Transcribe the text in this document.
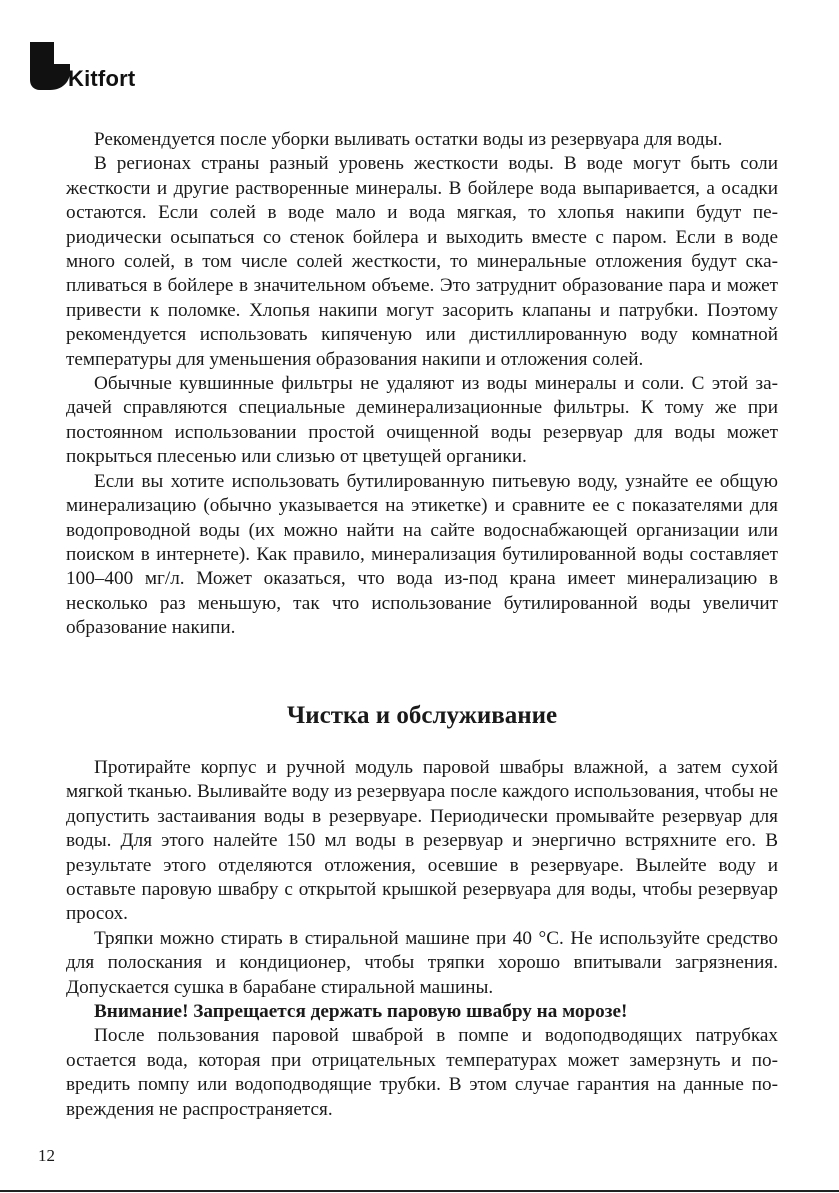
Kitfort

Рекомендуется после уборки выливать остатки воды из резервуара для воды.

В регионах страны разный уровень жесткости воды. В воде могут быть соли жесткости и другие растворенные минералы. В бойлере вода выпаривается, а осадки остаются. Если солей в воде мало и вода мягкая, то хлопья накипи будут периодически осыпаться со стенок бойлера и выходить вместе с паром. Если в воде много солей, в том числе солей жесткости, то минеральные отложения будут скапливаться в бойлере в значительном объеме. Это затруднит образование пара и может привести к поломке. Хлопья накипи могут засорить клапаны и патрубки. Поэтому рекомендуется использовать кипяченую или дистиллированную воду комнатной температуры для уменьшения образования накипи и отложения солей.

Обычные кувшинные фильтры не удаляют из воды минералы и соли. С этой задачей справляются специальные деминерализационные фильтры. К тому же при постоянном использовании простой очищенной воды резервуар для воды может покрыться плесенью или слизью от цветущей органики.

Если вы хотите использовать бутилированную питьевую воду, узнайте ее общую минерализацию (обычно указывается на этикетке) и сравните ее с показателями для водопроводной воды (их можно найти на сайте водоснабжающей организации или поиском в интернете). Как правило, минерализация бутилированной воды составляет 100–400 мг/л. Может оказаться, что вода из-под крана имеет минерализацию в несколько раз меньшую, так что использование бутилированной воды увеличит образование накипи.

Чистка и обслуживание

Протирайте корпус и ручной модуль паровой швабры влажной, а затем сухой мягкой тканью. Выливайте воду из резервуара после каждого использования, чтобы не допустить застаивания воды в резервуаре. Периодически промывайте резервуар для воды. Для этого налейте 150 мл воды в резервуар и энергично встряхните его. В результате этого отделяются отложения, осевшие в резервуаре. Вылейте воду и оставьте паровую швабру с открытой крышкой резервуара для воды, чтобы резервуар просох.

Тряпки можно стирать в стиральной машине при 40 °С. Не используйте средство для полоскания и кондиционер, чтобы тряпки хорошо впитывали загрязнения. Допускается сушка в барабане стиральной машины.

Внимание! Запрещается держать паровую швабру на морозе!

После пользования паровой шваброй в помпе и водоподводящих патрубках остается вода, которая при отрицательных температурах может замерзнуть и повредить помпу или водоподводящие трубки. В этом случае гарантия на данные повреждения не распространяется.

12
